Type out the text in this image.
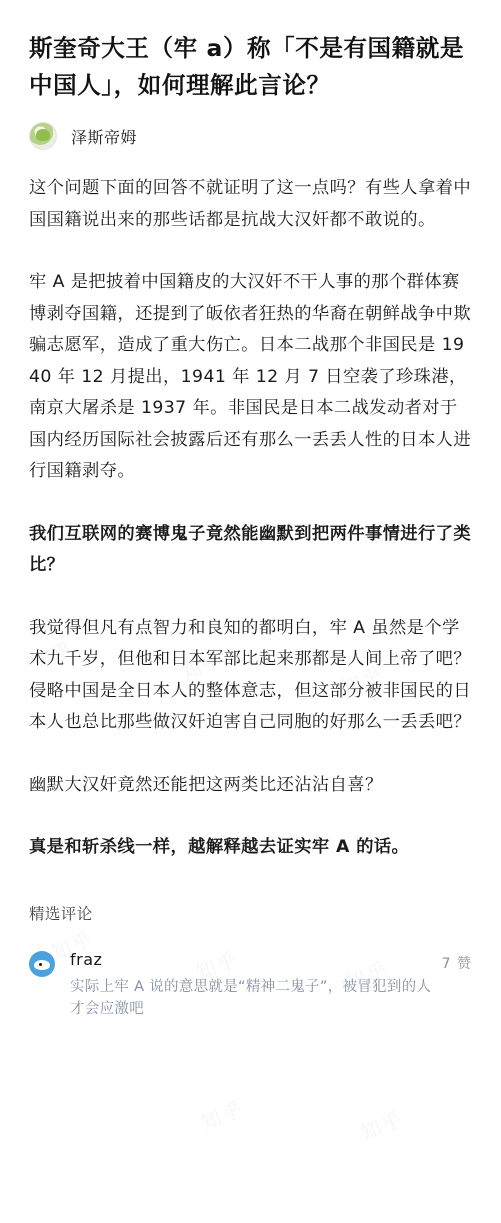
斯奎奇大王（牢 a）称「不是有国籍就是中国人」，如何理解此言论？
泽斯帝姆

这个问题下面的回答不就证明了这一点吗？有些人拿着中国国籍说出来的那些话都是抗战大汉奸都不敢说的。

牢 A 是把披着中国籍皮的大汉奸不干人事的那个群体赛博剥夺国籍，还提到了皈依者狂热的华裔在朝鲜战争中欺骗志愿军，造成了重大伤亡。日本二战那个非国民是 1940 年 12 月提出，1941 年 12 月 7 日空袭了珍珠港，南京大屠杀是 1937 年。非国民是日本二战发动者对于国内经历国际社会披露后还有那么一丢丢人性的日本人进行国籍剥夺。

我们互联网的赛博鬼子竟然能幽默到把两件事情进行了类比？

我觉得但凡有点智力和良知的都明白，牢 A 虽然是个学术九千岁，但他和日本军部比起来那都是人间上帝了吧？侵略中国是全日本人的整体意志，但这部分被非国民的日本人也总比那些做汉奸迫害自己同胞的好那么一丢丢吧？

幽默大汉奸竟然还能把这两类比还沾沾自喜？

真是和斩杀线一样，越解释越去证实牢 A 的话。

精选评论
fraz
实际上牢 A 说的意思就是“精神二鬼子”，被冒犯到的人才会应激吧
7 赞
